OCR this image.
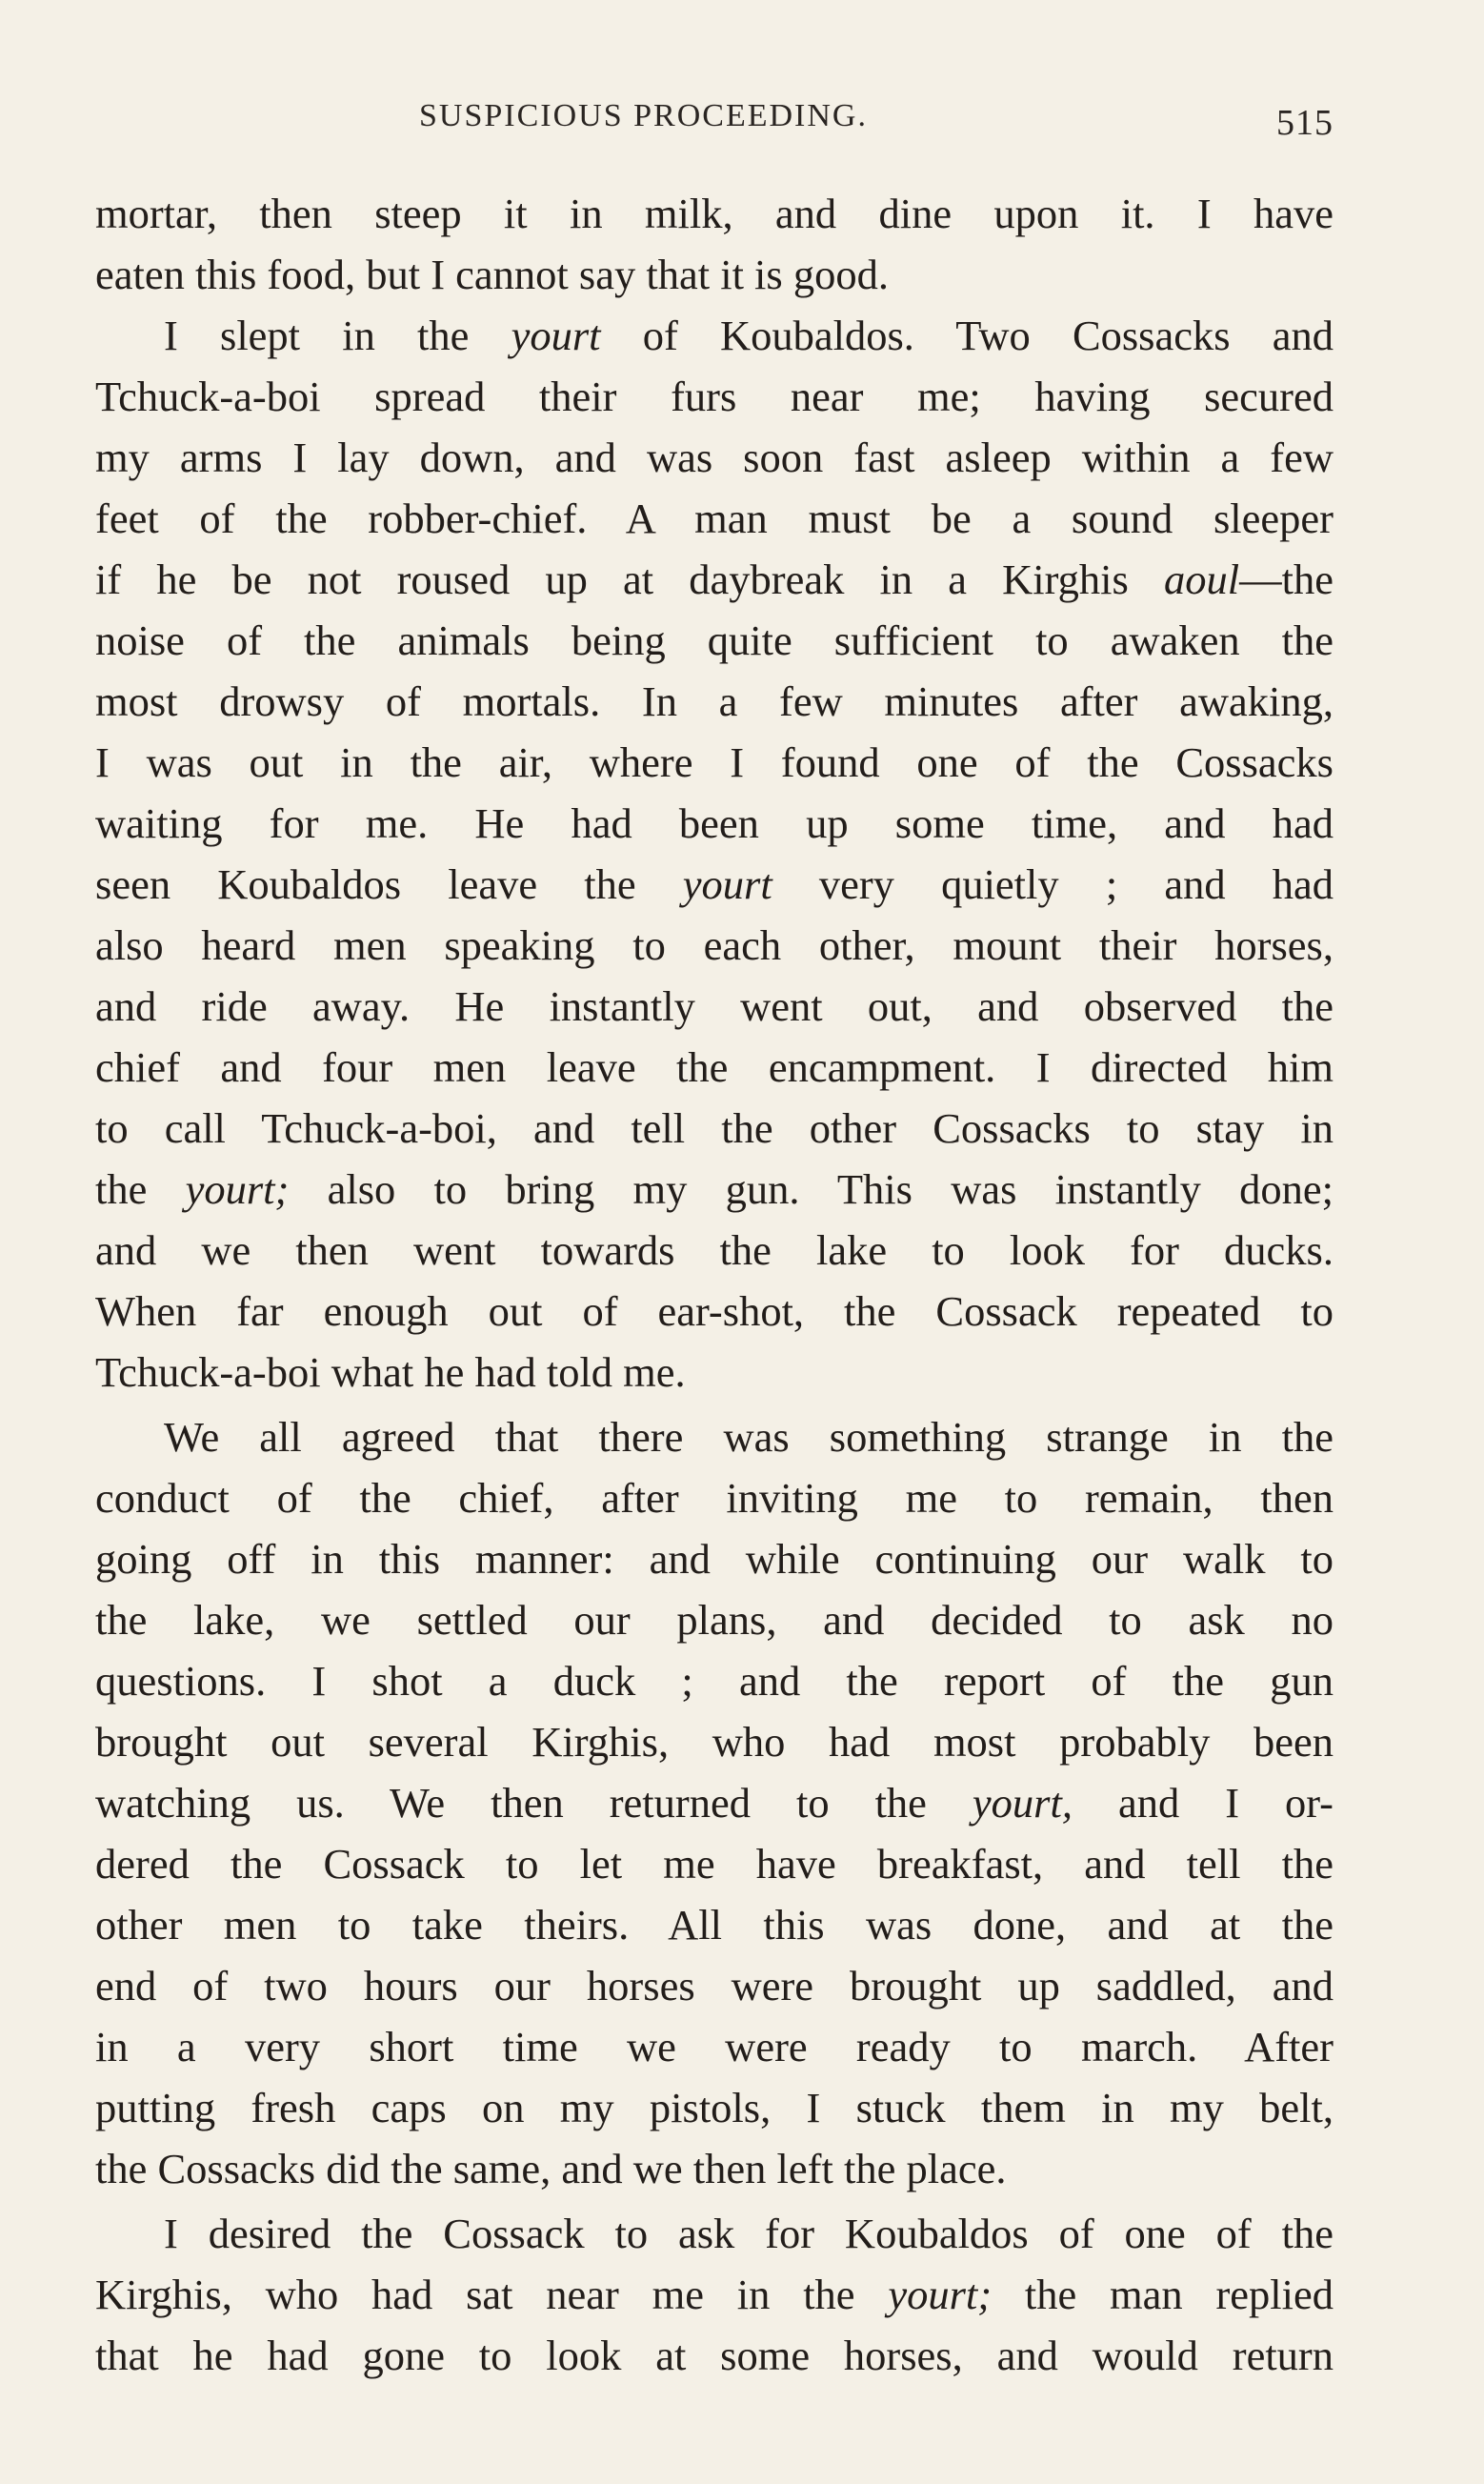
SUSPICIOUS PROCEEDING.	515
mortar, then steep it in milk, and dine upon it. I have
eaten this food, but I cannot say that it is good.
I slept in the yourt of Koubaldos. Two Cossacks and
Tchuck-a-boi spread their furs near me; having secured
my arms I lay down, and was soon fast asleep within a few
feet of the robber-chief. A man must be a sound sleeper
if he be not roused up at daybreak in a Kirghis aoul—the
noise of the animals being quite sufficient to awaken the
most drowsy of mortals. In a few minutes after awaking,
I was out in the air, where I found one of the Cossacks
waiting for me. He had been up some time, and had
seen Koubaldos leave the yourt very quietly ; and had
also heard men speaking to each other, mount their horses,
and ride away. He instantly went out, and observed the
chief and four men leave the encampment. I directed him
to call Tchuck-a-boi, and tell the other Cossacks to stay in
the yourt; also to bring my gun. This was instantly done;
and we then went towards the lake to look for ducks.
When far enough out of ear-shot, the Cossack repeated to
Tchuck-a-boi what he had told me.
We all agreed that there was something strange in the
conduct of the chief, after inviting me to remain, then
going off in this manner: and while continuing our walk to
the lake, we settled our plans, and decided to ask no
questions. I shot a duck ; and the report of the gun
brought out several Kirghis, who had most probably been
watching us. We then returned to the yourt, and I or-
dered the Cossack to let me have breakfast, and tell the
other men to take theirs. All this was done, and at the
end of two hours our horses were brought up saddled, and
in a very short time we were ready to march. After
putting fresh caps on my pistols, I stuck them in my belt,
the Cossacks did the same, and we then left the place.
I desired the Cossack to ask for Koubaldos of one of the
Kirghis, who had sat near me in the yourt; the man replied
that he had gone to look at some horses, and would return
